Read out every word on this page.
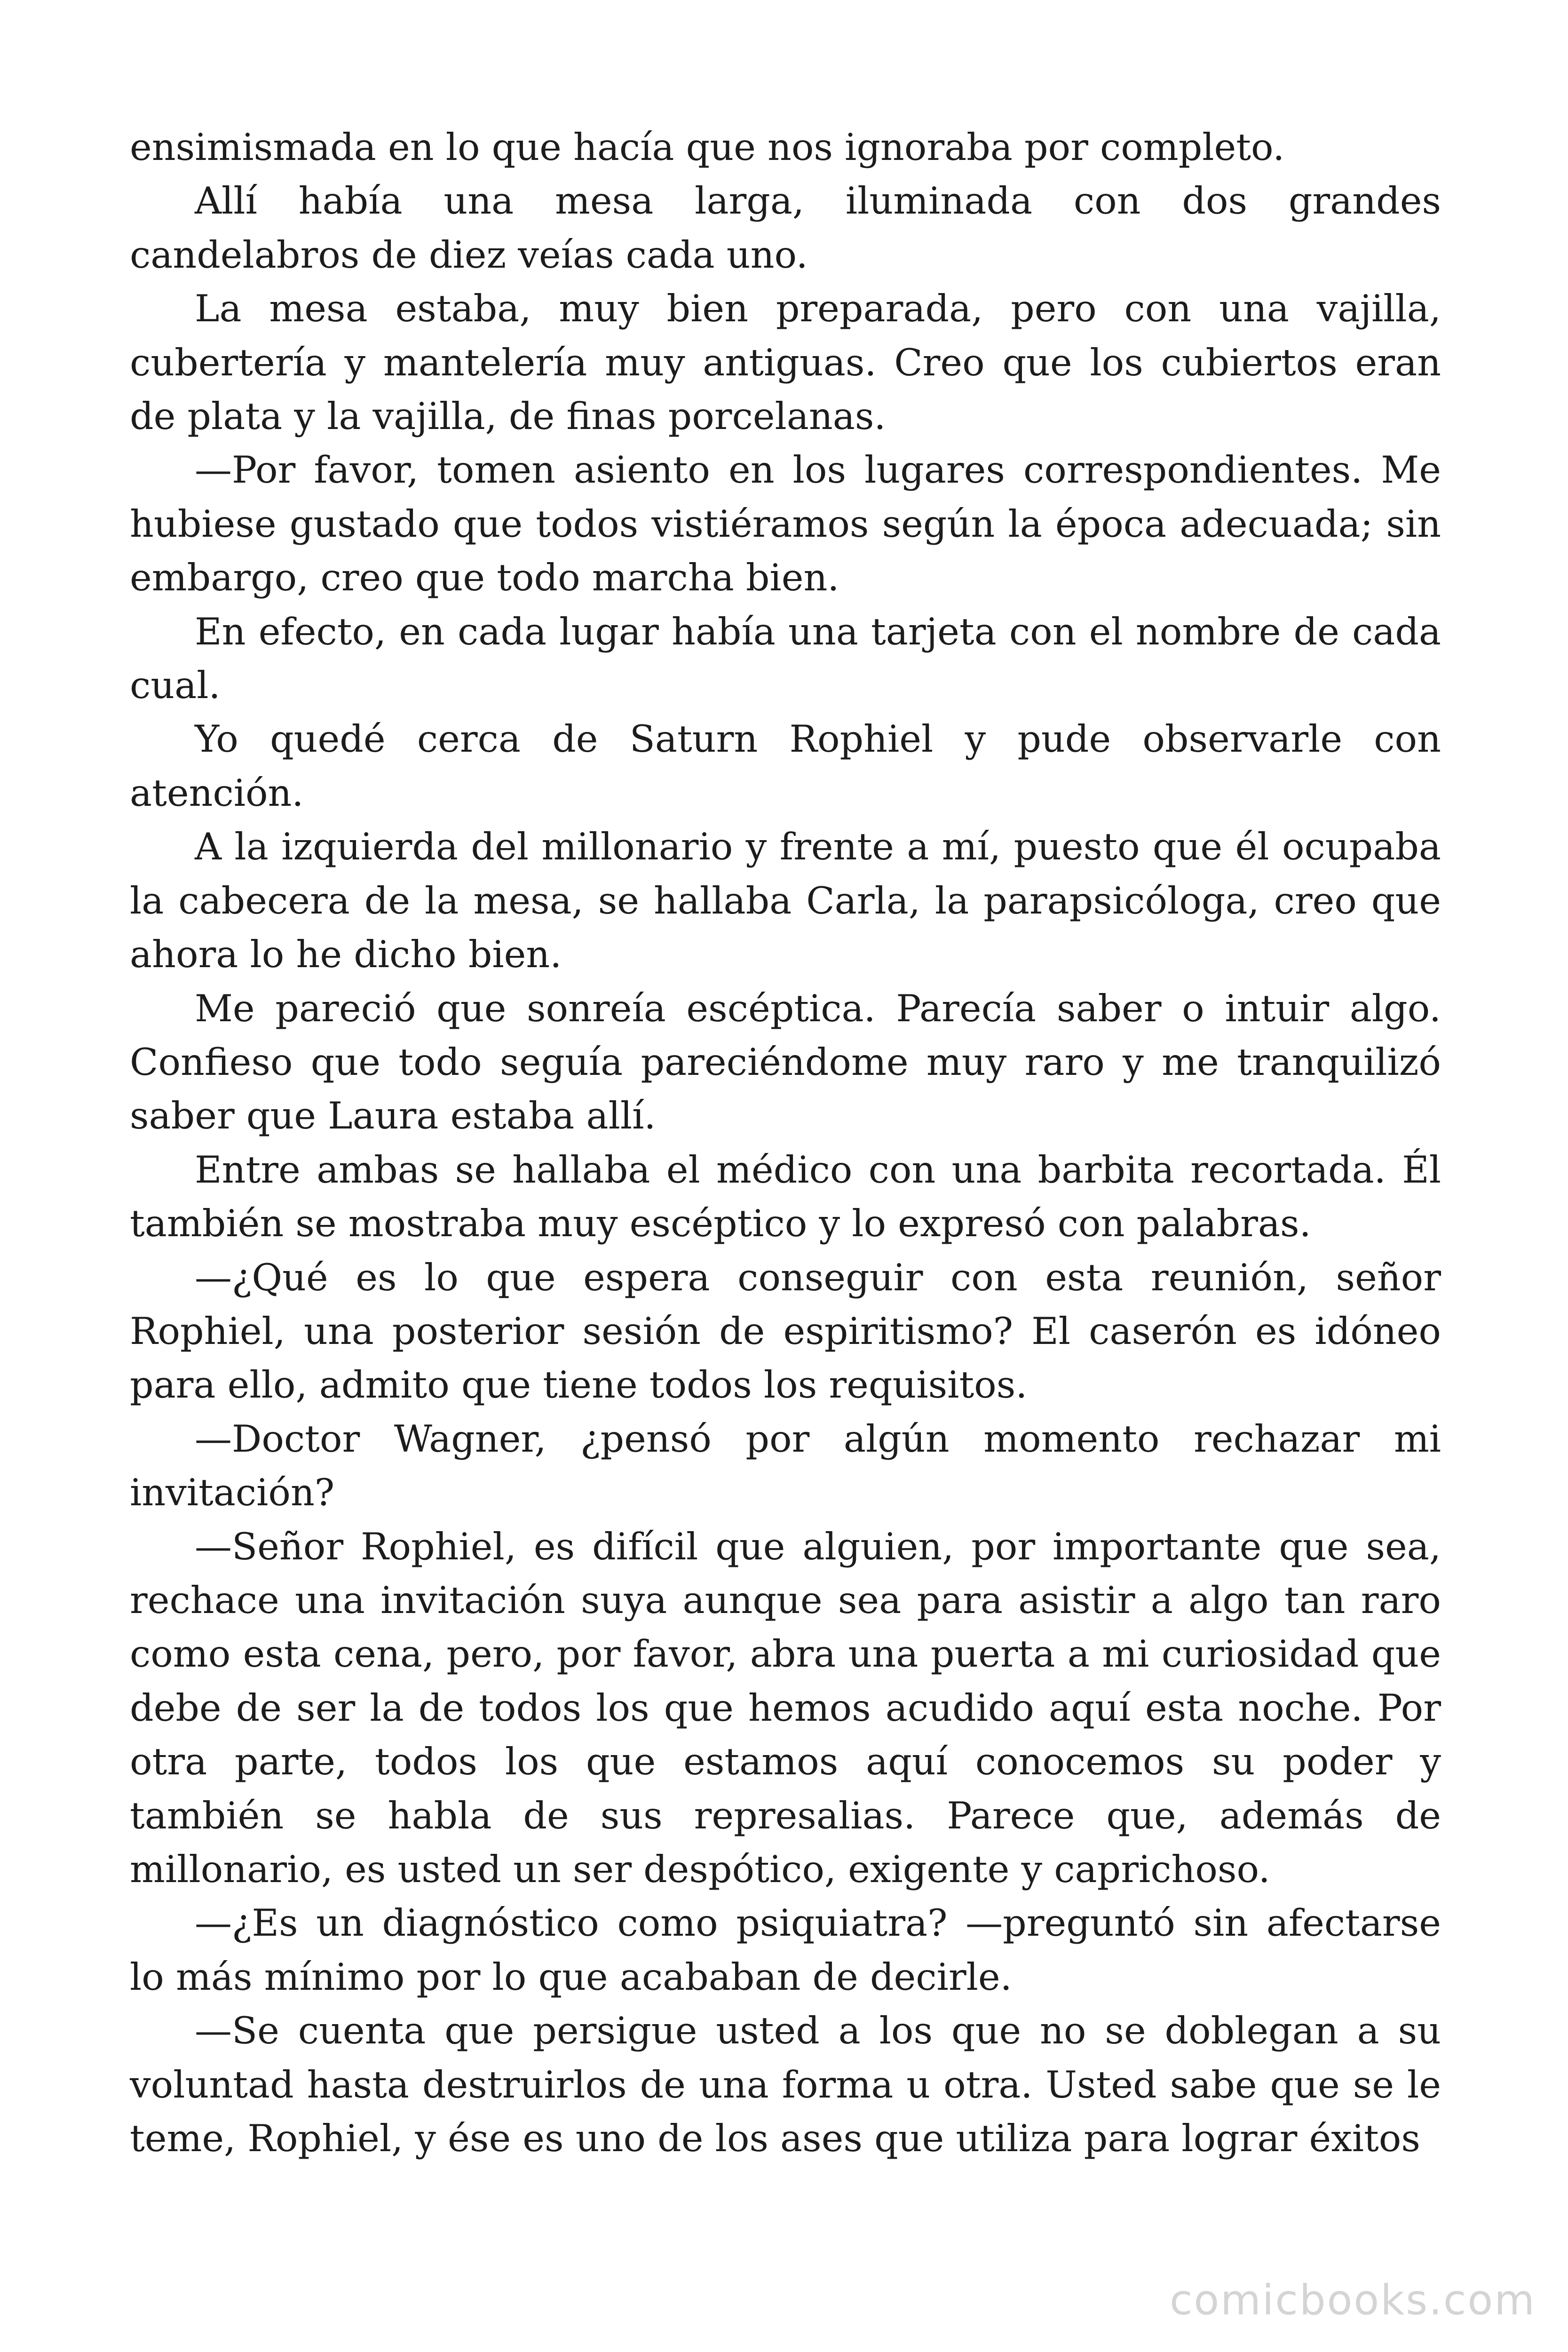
ensimismada en lo que hacía que nos ignoraba por completo.

Allí había una mesa larga, iluminada con dos grandes candelabros de diez veías cada uno.

La mesa estaba, muy bien preparada, pero con una vajilla, cubertería y mantelería muy antiguas. Creo que los cubiertos eran de plata y la vajilla, de finas porcelanas.

—Por favor, tomen asiento en los lugares correspondientes. Me hubiese gustado que todos vistiéramos según la época adecuada; sin embargo, creo que todo marcha bien.

En efecto, en cada lugar había una tarjeta con el nombre de cada cual.

Yo quedé cerca de Saturn Rophiel y pude observarle con atención.

A la izquierda del millonario y frente a mí, puesto que él ocupaba la cabecera de la mesa, se hallaba Carla, la parapsicóloga, creo que ahora lo he dicho bien.

Me pareció que sonreía escéptica. Parecía saber o intuir algo. Confieso que todo seguía pareciéndome muy raro y me tranquilizó saber que Laura estaba allí.

Entre ambas se hallaba el médico con una barbita recortada. Él también se mostraba muy escéptico y lo expresó con palabras.

—¿Qué es lo que espera conseguir con esta reunión, señor Rophiel, una posterior sesión de espiritismo? El caserón es idóneo para ello, admito que tiene todos los requisitos.

—Doctor Wagner, ¿pensó por algún momento rechazar mi invitación?

—Señor Rophiel, es difícil que alguien, por importante que sea, rechace una invitación suya aunque sea para asistir a algo tan raro como esta cena, pero, por favor, abra una puerta a mi curiosidad que debe de ser la de todos los que hemos acudido aquí esta noche. Por otra parte, todos los que estamos aquí conocemos su poder y también se habla de sus represalias. Parece que, además de millonario, es usted un ser despótico, exigente y caprichoso.

—¿Es un diagnóstico como psiquiatra? —preguntó sin afectarse lo más mínimo por lo que acababan de decirle.

—Se cuenta que persigue usted a los que no se doblegan a su voluntad hasta destruirlos de una forma u otra. Usted sabe que se le teme, Rophiel, y ése es uno de los ases que utiliza para lograr éxitos

comicbooks.com
